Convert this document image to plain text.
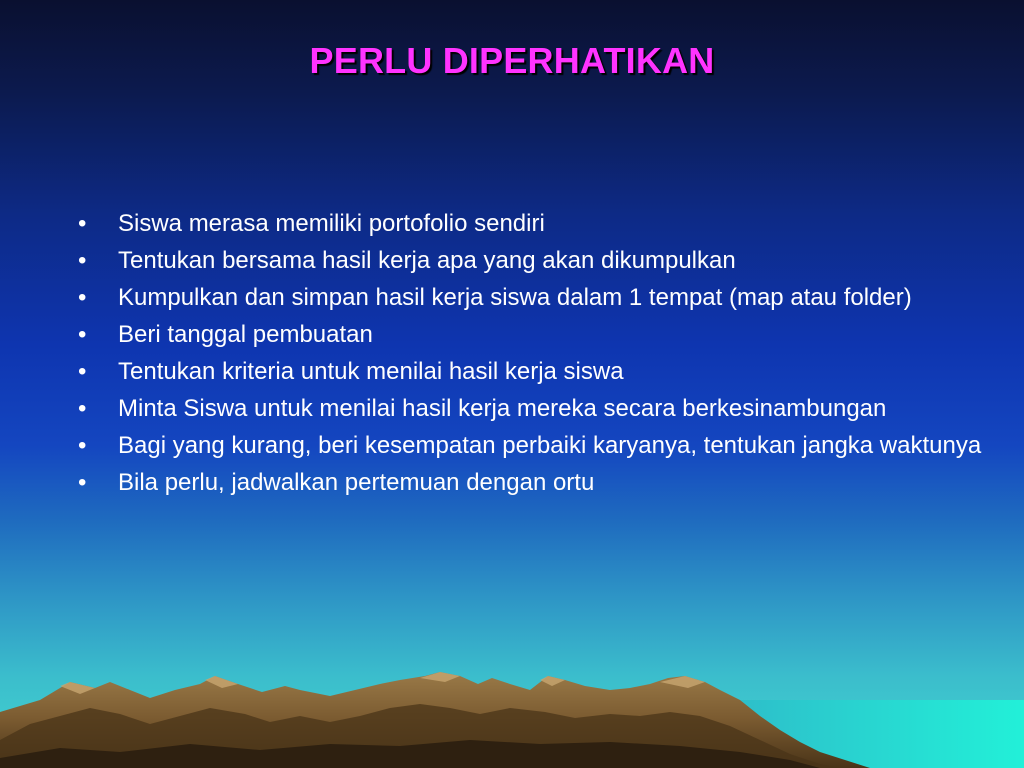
PERLU DIPERHATIKAN
•	Siswa merasa memiliki portofolio sendiri
•	Tentukan bersama hasil kerja apa yang akan dikumpulkan
•	Kumpulkan dan simpan hasil kerja siswa dalam 1 tempat (map atau folder)
•	Beri tanggal pembuatan
•	Tentukan kriteria untuk menilai hasil kerja siswa
•	Minta Siswa untuk menilai hasil kerja mereka secara berkesinambungan
•	Bagi yang kurang, beri kesempatan perbaiki karyanya, tentukan jangka waktunya
•	Bila perlu, jadwalkan pertemuan dengan ortu
